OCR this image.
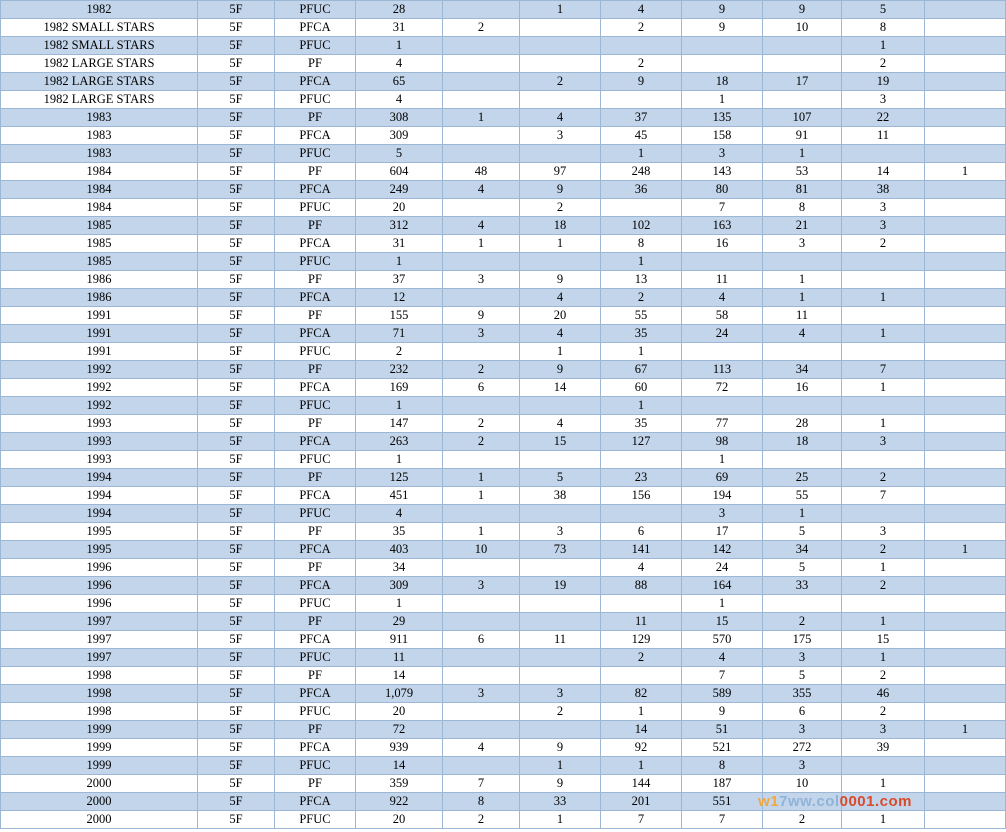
1982	5F	PFUC	28		1	4	9	9	5	
1982 SMALL STARS	5F	PFCA	31	2		2	9	10	8	
1982 SMALL STARS	5F	PFUC	1						1	
1982 LARGE STARS	5F	PF	4			2			2	
1982 LARGE STARS	5F	PFCA	65		2	9	18	17	19	
1982 LARGE STARS	5F	PFUC	4				1		3	
1983	5F	PF	308	1	4	37	135	107	22	
1983	5F	PFCA	309		3	45	158	91	11	
1983	5F	PFUC	5			1	3	1		
1984	5F	PF	604	48	97	248	143	53	14	1
1984	5F	PFCA	249	4	9	36	80	81	38	
1984	5F	PFUC	20		2		7	8	3	
1985	5F	PF	312	4	18	102	163	21	3	
1985	5F	PFCA	31	1	1	8	16	3	2	
1985	5F	PFUC	1			1				
1986	5F	PF	37	3	9	13	11	1		
1986	5F	PFCA	12		4	2	4	1	1	
1991	5F	PF	155	9	20	55	58	11		
1991	5F	PFCA	71	3	4	35	24	4	1	
1991	5F	PFUC	2		1	1				
1992	5F	PF	232	2	9	67	113	34	7	
1992	5F	PFCA	169	6	14	60	72	16	1	
1992	5F	PFUC	1			1				
1993	5F	PF	147	2	4	35	77	28	1	
1993	5F	PFCA	263	2	15	127	98	18	3	
1993	5F	PFUC	1				1			
1994	5F	PF	125	1	5	23	69	25	2	
1994	5F	PFCA	451	1	38	156	194	55	7	
1994	5F	PFUC	4				3	1		
1995	5F	PF	35	1	3	6	17	5	3	
1995	5F	PFCA	403	10	73	141	142	34	2	1
1996	5F	PF	34			4	24	5	1	
1996	5F	PFCA	309	3	19	88	164	33	2	
1996	5F	PFUC	1				1			
1997	5F	PF	29			11	15	2	1	
1997	5F	PFCA	911	6	11	129	570	175	15	
1997	5F	PFUC	11			2	4	3	1	
1998	5F	PF	14				7	5	2	
1998	5F	PFCA	1,079	3	3	82	589	355	46	
1998	5F	PFUC	20		2	1	9	6	2	
1999	5F	PF	72			14	51	3	3	1
1999	5F	PFCA	939	4	9	92	521	272	39	
1999	5F	PFUC	14		1	1	8	3		
2000	5F	PF	359	7	9	144	187	10	1	
2000	5F	PFCA	922	8	33	201	551			
2000	5F	PFUC	20	2	1	7	7	2	1	
w17ww.col0001.com
